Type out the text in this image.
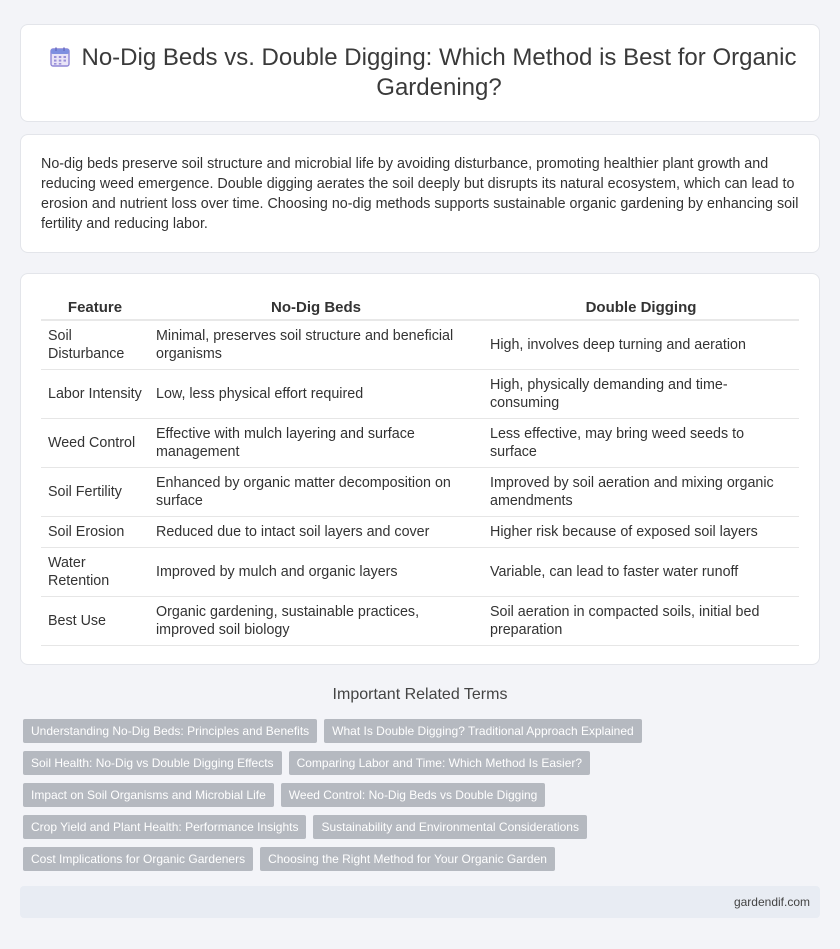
No-Dig Beds vs. Double Digging: Which Method is Best for Organic Gardening?

No-dig beds preserve soil structure and microbial life by avoiding disturbance, promoting healthier plant growth and reducing weed emergence. Double digging aerates the soil deeply but disrupts its natural ecosystem, which can lead to erosion and nutrient loss over time. Choosing no-dig methods supports sustainable organic gardening by enhancing soil fertility and reducing labor.

Feature	No-Dig Beds	Double Digging
Soil Disturbance	Minimal, preserves soil structure and beneficial organisms	High, involves deep turning and aeration
Labor Intensity	Low, less physical effort required	High, physically demanding and time-consuming
Weed Control	Effective with mulch layering and surface management	Less effective, may bring weed seeds to surface
Soil Fertility	Enhanced by organic matter decomposition on surface	Improved by soil aeration and mixing organic amendments
Soil Erosion	Reduced due to intact soil layers and cover	Higher risk because of exposed soil layers
Water Retention	Improved by mulch and organic layers	Variable, can lead to faster water runoff
Best Use	Organic gardening, sustainable practices, improved soil biology	Soil aeration in compacted soils, initial bed preparation
Important Related Terms
Understanding No-Dig Beds: Principles and Benefits	What Is Double Digging? Traditional Approach Explained
Soil Health: No-Dig vs Double Digging Effects	Comparing Labor and Time: Which Method Is Easier?
Impact on Soil Organisms and Microbial Life	Weed Control: No-Dig Beds vs Double Digging
Crop Yield and Plant Health: Performance Insights	Sustainability and Environmental Considerations
Cost Implications for Organic Gardeners	Choosing the Right Method for Your Organic Garden
gardendif.com
